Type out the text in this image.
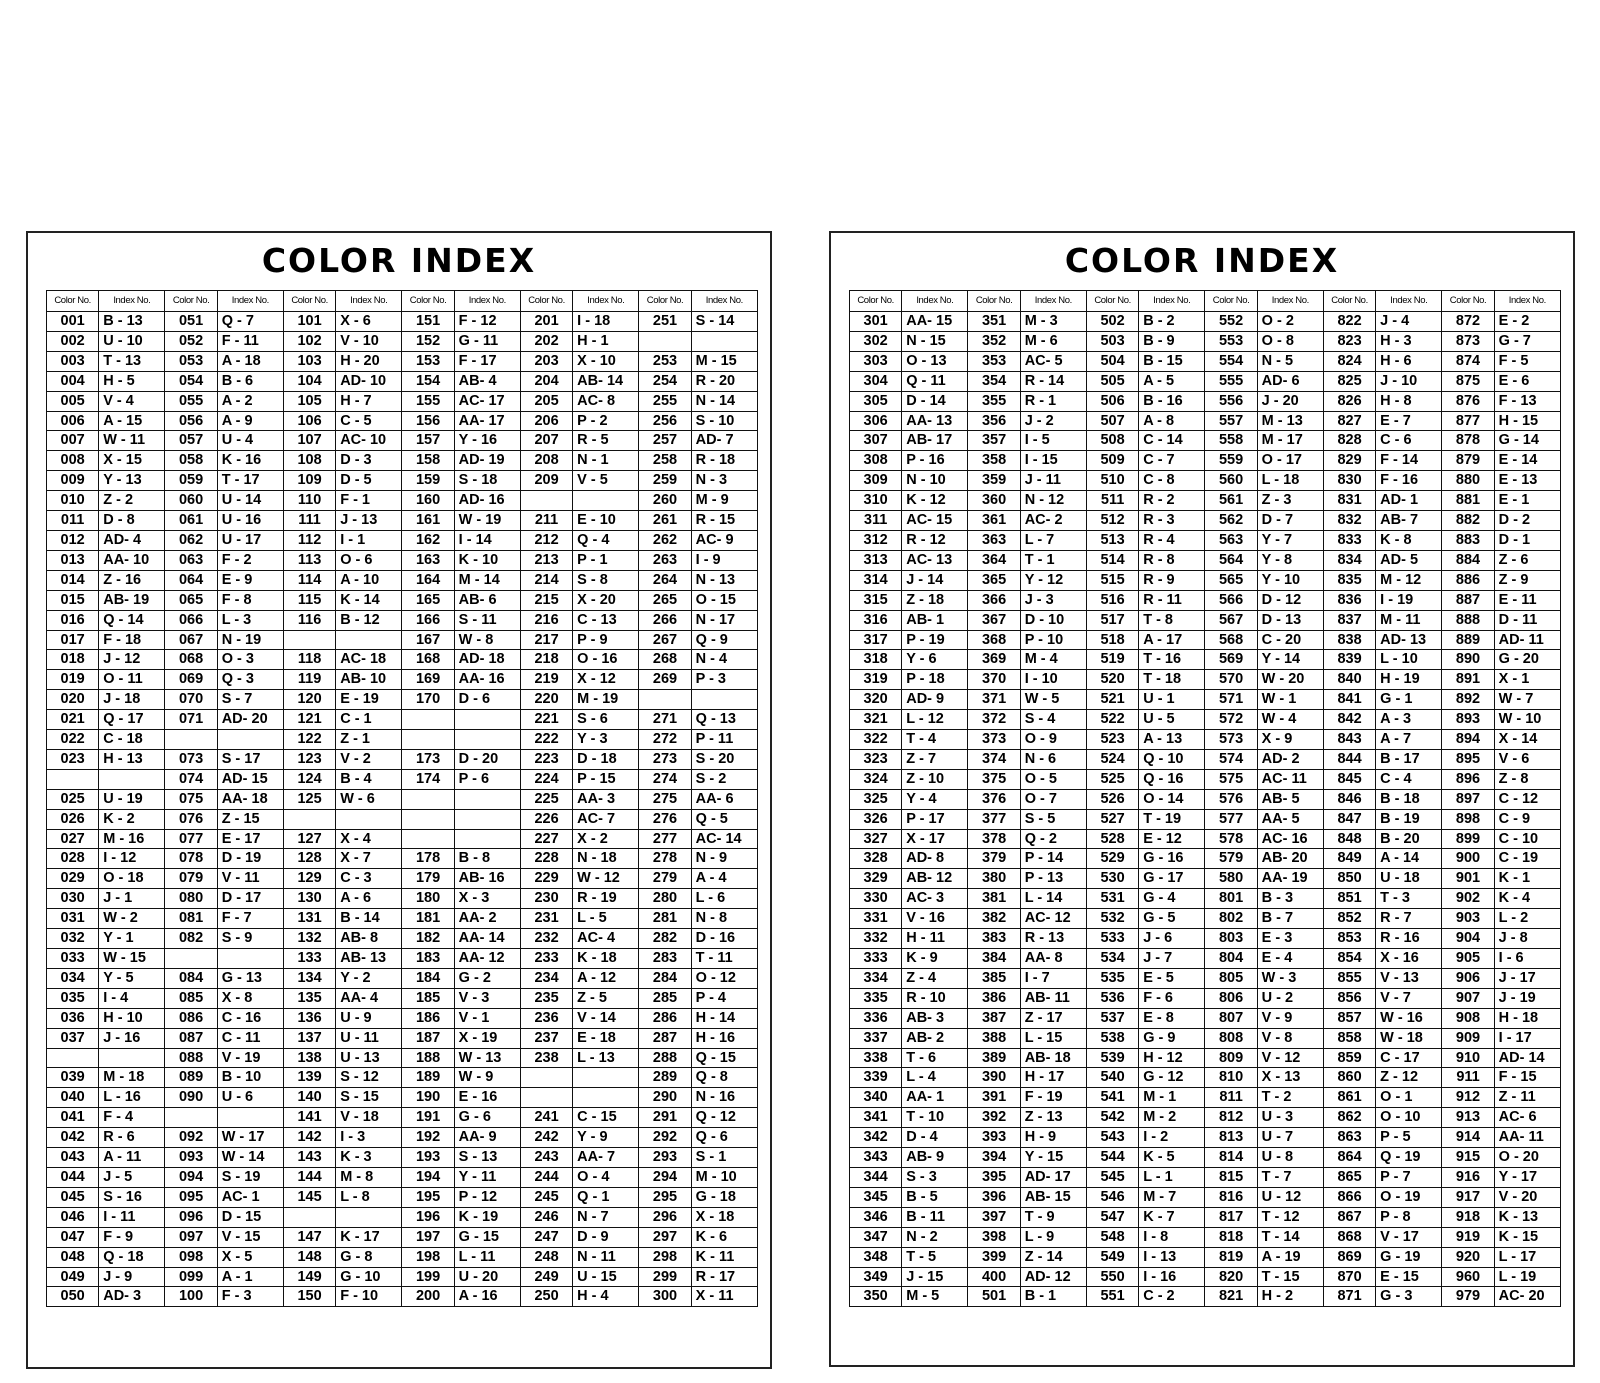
COLOR INDEX
Color No.	Index No.	Color No.	Index No.	Color No.	Index No.	Color No.	Index No.	Color No.	Index No.	Color No.	Index No.
001	B - 13	051	Q - 7	101	X - 6	151	F - 12	201	I - 18	251	S - 14
002	U - 10	052	F - 11	102	V - 10	152	G - 11	202	H - 1		
003	T - 13	053	A - 18	103	H - 20	153	F - 17	203	X - 10	253	M - 15
004	H - 5	054	B - 6	104	AD- 10	154	AB- 4	204	AB- 14	254	R - 20
005	V - 4	055	A - 2	105	H - 7	155	AC- 17	205	AC- 8	255	N - 14
006	A - 15	056	A - 9	106	C - 5	156	AA- 17	206	P - 2	256	S - 10
007	W - 11	057	U - 4	107	AC- 10	157	Y - 16	207	R - 5	257	AD- 7
008	X - 15	058	K - 16	108	D - 3	158	AD- 19	208	N - 1	258	R - 18
009	Y - 13	059	T - 17	109	D - 5	159	S - 18	209	V - 5	259	N - 3
010	Z - 2	060	U - 14	110	F - 1	160	AD- 16			260	M - 9
011	D - 8	061	U - 16	111	J - 13	161	W - 19	211	E - 10	261	R - 15
012	AD- 4	062	U - 17	112	I - 1	162	I - 14	212	Q - 4	262	AC- 9
013	AA- 10	063	F - 2	113	O - 6	163	K - 10	213	P - 1	263	I - 9
014	Z - 16	064	E - 9	114	A - 10	164	M - 14	214	S - 8	264	N - 13
015	AB- 19	065	F - 8	115	K - 14	165	AB- 6	215	X - 20	265	O - 15
016	Q - 14	066	L - 3	116	B - 12	166	S - 11	216	C - 13	266	N - 17
017	F - 18	067	N - 19			167	W - 8	217	P - 9	267	Q - 9
018	J - 12	068	O - 3	118	AC- 18	168	AD- 18	218	O - 16	268	N - 4
019	O - 11	069	Q - 3	119	AB- 10	169	AA- 16	219	X - 12	269	P - 3
020	J - 18	070	S - 7	120	E - 19	170	D - 6	220	M - 19		
021	Q - 17	071	AD- 20	121	C - 1			221	S - 6	271	Q - 13
022	C - 18			122	Z - 1			222	Y - 3	272	P - 11
023	H - 13	073	S - 17	123	V - 2	173	D - 20	223	D - 18	273	S - 20
		074	AD- 15	124	B - 4	174	P - 6	224	P - 15	274	S - 2
025	U - 19	075	AA- 18	125	W - 6			225	AA- 3	275	AA- 6
026	K - 2	076	Z - 15					226	AC- 7	276	Q - 5
027	M - 16	077	E - 17	127	X - 4			227	X - 2	277	AC- 14
028	I - 12	078	D - 19	128	X - 7	178	B - 8	228	N - 18	278	N - 9
029	O - 18	079	V - 11	129	C - 3	179	AB- 16	229	W - 12	279	A - 4
030	J - 1	080	D - 17	130	A - 6	180	X - 3	230	R - 19	280	L - 6
031	W - 2	081	F - 7	131	B - 14	181	AA- 2	231	L - 5	281	N - 8
032	Y - 1	082	S - 9	132	AB- 8	182	AA- 14	232	AC- 4	282	D - 16
033	W - 15			133	AB- 13	183	AA- 12	233	K - 18	283	T - 11
034	Y - 5	084	G - 13	134	Y - 2	184	G - 2	234	A - 12	284	O - 12
035	I - 4	085	X - 8	135	AA- 4	185	V - 3	235	Z - 5	285	P - 4
036	H - 10	086	C - 16	136	U - 9	186	V - 1	236	V - 14	286	H - 14
037	J - 16	087	C - 11	137	U - 11	187	X - 19	237	E - 18	287	H - 16
		088	V - 19	138	U - 13	188	W - 13	238	L - 13	288	Q - 15
039	M - 18	089	B - 10	139	S - 12	189	W - 9			289	Q - 8
040	L - 16	090	U - 6	140	S - 15	190	E - 16			290	N - 16
041	F - 4			141	V - 18	191	G - 6	241	C - 15	291	Q - 12
042	R - 6	092	W - 17	142	I - 3	192	AA- 9	242	Y - 9	292	Q - 6
043	A - 11	093	W - 14	143	K - 3	193	S - 13	243	AA- 7	293	S - 1
044	J - 5	094	S - 19	144	M - 8	194	Y - 11	244	O - 4	294	M - 10
045	S - 16	095	AC- 1	145	L - 8	195	P - 12	245	Q - 1	295	G - 18
046	I - 11	096	D - 15			196	K - 19	246	N - 7	296	X - 18
047	F - 9	097	V - 15	147	K - 17	197	G - 15	247	D - 9	297	K - 6
048	Q - 18	098	X - 5	148	G - 8	198	L - 11	248	N - 11	298	K - 11
049	J - 9	099	A - 1	149	G - 10	199	U - 20	249	U - 15	299	R - 17
050	AD- 3	100	F - 3	150	F - 10	200	A - 16	250	H - 4	300	X - 11
COLOR INDEX
Color No.	Index No.	Color No.	Index No.	Color No.	Index No.	Color No.	Index No.	Color No.	Index No.	Color No.	Index No.
301	AA- 15	351	M - 3	502	B - 2	552	O - 2	822	J - 4	872	E - 2
302	N - 15	352	M - 6	503	B - 9	553	O - 8	823	H - 3	873	G - 7
303	O - 13	353	AC- 5	504	B - 15	554	N - 5	824	H - 6	874	F - 5
304	Q - 11	354	R - 14	505	A - 5	555	AD- 6	825	J - 10	875	E - 6
305	D - 14	355	R - 1	506	B - 16	556	J - 20	826	H - 8	876	F - 13
306	AA- 13	356	J - 2	507	A - 8	557	M - 13	827	E - 7	877	H - 15
307	AB- 17	357	I - 5	508	C - 14	558	M - 17	828	C - 6	878	G - 14
308	P - 16	358	I - 15	509	C - 7	559	O - 17	829	F - 14	879	E - 14
309	N - 10	359	J - 11	510	C - 8	560	L - 18	830	F - 16	880	E - 13
310	K - 12	360	N - 12	511	R - 2	561	Z - 3	831	AD- 1	881	E - 1
311	AC- 15	361	AC- 2	512	R - 3	562	D - 7	832	AB- 7	882	D - 2
312	R - 12	363	L - 7	513	R - 4	563	Y - 7	833	K - 8	883	D - 1
313	AC- 13	364	T - 1	514	R - 8	564	Y - 8	834	AD- 5	884	Z - 6
314	J - 14	365	Y - 12	515	R - 9	565	Y - 10	835	M - 12	886	Z - 9
315	Z - 18	366	J - 3	516	R - 11	566	D - 12	836	I - 19	887	E - 11
316	AB- 1	367	D - 10	517	T - 8	567	D - 13	837	M - 11	888	D - 11
317	P - 19	368	P - 10	518	A - 17	568	C - 20	838	AD- 13	889	AD- 11
318	Y - 6	369	M - 4	519	T - 16	569	Y - 14	839	L - 10	890	G - 20
319	P - 18	370	I - 10	520	T - 18	570	W - 20	840	H - 19	891	X - 1
320	AD- 9	371	W - 5	521	U - 1	571	W - 1	841	G - 1	892	W - 7
321	L - 12	372	S - 4	522	U - 5	572	W - 4	842	A - 3	893	W - 10
322	T - 4	373	O - 9	523	A - 13	573	X - 9	843	A - 7	894	X - 14
323	Z - 7	374	N - 6	524	Q - 10	574	AD- 2	844	B - 17	895	V - 6
324	Z - 10	375	O - 5	525	Q - 16	575	AC- 11	845	C - 4	896	Z - 8
325	Y - 4	376	O - 7	526	O - 14	576	AB- 5	846	B - 18	897	C - 12
326	P - 17	377	S - 5	527	T - 19	577	AA- 5	847	B - 19	898	C - 9
327	X - 17	378	Q - 2	528	E - 12	578	AC- 16	848	B - 20	899	C - 10
328	AD- 8	379	P - 14	529	G - 16	579	AB- 20	849	A - 14	900	C - 19
329	AB- 12	380	P - 13	530	G - 17	580	AA- 19	850	U - 18	901	K - 1
330	AC- 3	381	L - 14	531	G - 4	801	B - 3	851	T - 3	902	K - 4
331	V - 16	382	AC- 12	532	G - 5	802	B - 7	852	R - 7	903	L - 2
332	H - 11	383	R - 13	533	J - 6	803	E - 3	853	R - 16	904	J - 8
333	K - 9	384	AA- 8	534	J - 7	804	E - 4	854	X - 16	905	I - 6
334	Z - 4	385	I - 7	535	E - 5	805	W - 3	855	V - 13	906	J - 17
335	R - 10	386	AB- 11	536	F - 6	806	U - 2	856	V - 7	907	J - 19
336	AB- 3	387	Z - 17	537	E - 8	807	V - 9	857	W - 16	908	H - 18
337	AB- 2	388	L - 15	538	G - 9	808	V - 8	858	W - 18	909	I - 17
338	T - 6	389	AB- 18	539	H - 12	809	V - 12	859	C - 17	910	AD- 14
339	L - 4	390	H - 17	540	G - 12	810	X - 13	860	Z - 12	911	F - 15
340	AA- 1	391	F - 19	541	M - 1	811	T - 2	861	O - 1	912	Z - 11
341	T - 10	392	Z - 13	542	M - 2	812	U - 3	862	O - 10	913	AC- 6
342	D - 4	393	H - 9	543	I - 2	813	U - 7	863	P - 5	914	AA- 11
343	AB- 9	394	Y - 15	544	K - 5	814	U - 8	864	Q - 19	915	O - 20
344	S - 3	395	AD- 17	545	L - 1	815	T - 7	865	P - 7	916	Y - 17
345	B - 5	396	AB- 15	546	M - 7	816	U - 12	866	O - 19	917	V - 20
346	B - 11	397	T - 9	547	K - 7	817	T - 12	867	P - 8	918	K - 13
347	N - 2	398	L - 9	548	I - 8	818	T - 14	868	V - 17	919	K - 15
348	T - 5	399	Z - 14	549	I - 13	819	A - 19	869	G - 19	920	L - 17
349	J - 15	400	AD- 12	550	I - 16	820	T - 15	870	E - 15	960	L - 19
350	M - 5	501	B - 1	551	C - 2	821	H - 2	871	G - 3	979	AC- 20
